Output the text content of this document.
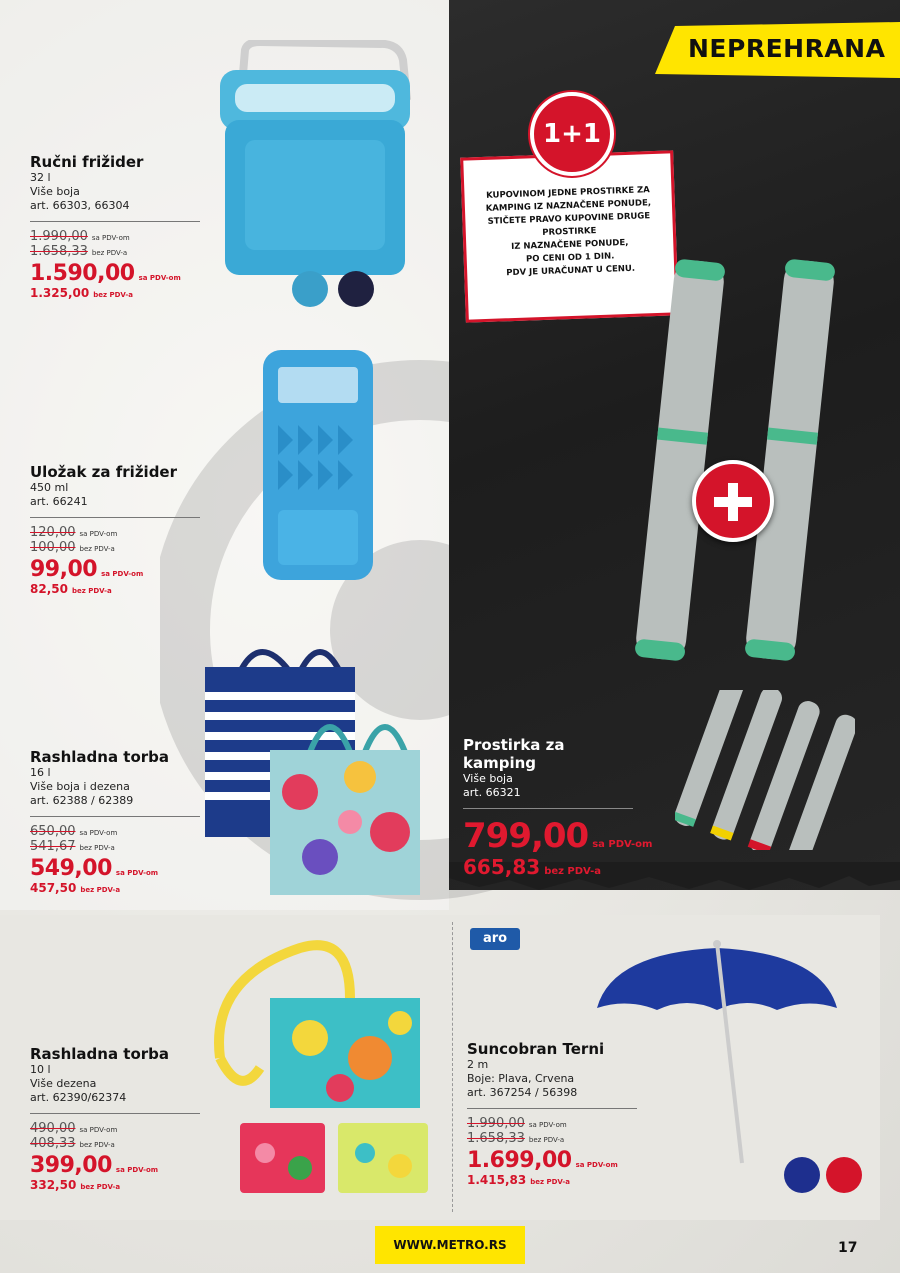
NEPREHRANA
Ručni frižider
32 l
Više boja
art. 66303, 66304
1.990,00 sa PDV-om
1.658,33 bez PDV-a
1.590,00 sa PDV-om
1.325,00 bez PDV-a
Uložak za frižider
450 ml
art. 66241
120,00 sa PDV-om
100,00 bez PDV-a
99,00 sa PDV-om
82,50 bez PDV-a
Rashladna torba
16 l
Više boja i dezena
art. 62388 / 62389
650,00 sa PDV-om
541,67 bez PDV-a
549,00 sa PDV-om
457,50 bez PDV-a

KUPOVINOM JEDNE PROSTIRKE ZA

KAMPING IZ NAZNAČENE PONUDE,

STIČETE PRAVO KUPOVINE DRUGE

PROSTIRKE

IZ NAZNAČENE PONUDE,

PO CENI OD 1 DIN.

PDV JE URAČUNAT U CENU.

1+1
Prostirka za kamping
Više boja
art. 66321
799,00 sa PDV-om
665,83 bez PDV-a
Rashladna torba
10 l
Više dezena
art. 62390/62374
490,00 sa PDV-om
408,33 bez PDV-a
399,00 sa PDV-om
332,50 bez PDV-a
aro
Suncobran Terni
2 m
Boje: Plava, Crvena
art. 367254 / 56398
1.990,00 sa PDV-om
1.658,33 bez PDV-a
1.699,00 sa PDV-om
1.415,83 bez PDV-a
WWW.METRO.RS	17
